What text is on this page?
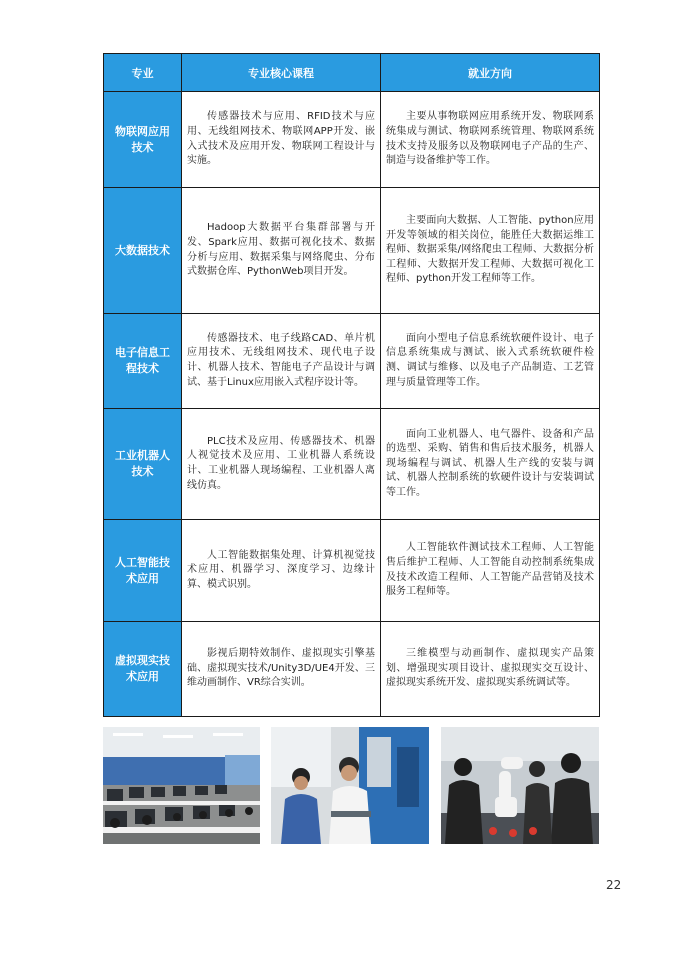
专业	专业核心课程	就业方向
物联网应用技术	传感器技术与应用、RFID技术与应用、无线组网技术、物联网APP开发、嵌入式技术及应用开发、物联网工程设计与实施。	主要从事物联网应用系统开发、物联网系统集成与测试、物联网系统管理、物联网系统技术支持及服务以及物联网电子产品的生产、制造与设备维护等工作。
大数据技术	Hadoop大数据平台集群部署与开发、Spark应用、数据可视化技术、数据分析与应用、数据采集与网络爬虫、分布式数据仓库、PythonWeb项目开发。	主要面向大数据、人工智能、python应用开发等领域的相关岗位，能胜任大数据运维工程师、数据采集/网络爬虫工程师、大数据分析工程师、大数据开发工程师、大数据可视化工程师、python开发工程师等工作。
电子信息工程技术	传感器技术、电子线路CAD、单片机应用技术、无线组网技术、现代电子设计、机器人技术、智能电子产品设计与调试、基于Linux应用嵌入式程序设计等。	面向小型电子信息系统软硬件设计、电子信息系统集成与测试、嵌入式系统软硬件检测、调试与维修、以及电子产品制造、工艺管理与质量管理等工作。
工业机器人技术	PLC技术及应用、传感器技术、机器人视觉技术及应用、工业机器人系统设计、工业机器人现场编程、工业机器人离线仿真。	面向工业机器人、电气器件、设备和产品的选型、采购、销售和售后技术服务，机器人现场编程与调试、机器人生产线的安装与调试、机器人控制系统的软硬件设计与安装调试等工作。
人工智能技术应用	人工智能数据集处理、计算机视觉技术应用、机器学习、深度学习、边缘计算、模式识别。	人工智能软件测试技术工程师、人工智能售后维护工程师、人工智能自动控制系统集成及技术改造工程师、人工智能产品营销及技术服务工程师等。
虚拟现实技术应用	影视后期特效制作、虚拟现实引擎基础、虚拟现实技术/Unity3D/UE4开发、三维动画制作、VR综合实训。	三维模型与动画制作、虚拟现实产品策划、增强现实项目设计、虚拟现实交互设计、虚拟现实系统开发、虚拟现实系统调试等。
22
